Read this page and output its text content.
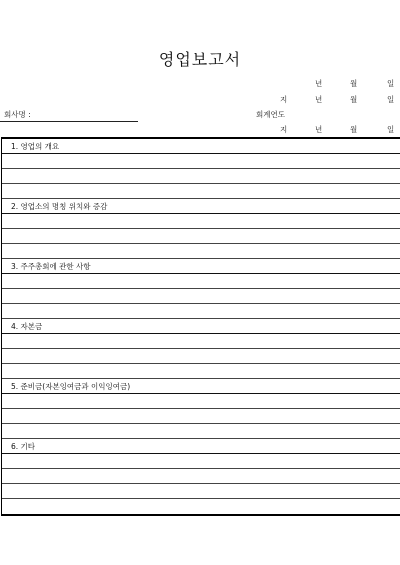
영업보고서
년	월	일
지	년	월	일
회사명 :	회계연도
지	년	월	일
1. 영업의 개요
2. 영업소의 명칭 위치와 증감
3. 주주총회에 관한 사항
4. 자본금
5. 준비금(자본잉여금과 이익잉여금)
6. 기타
